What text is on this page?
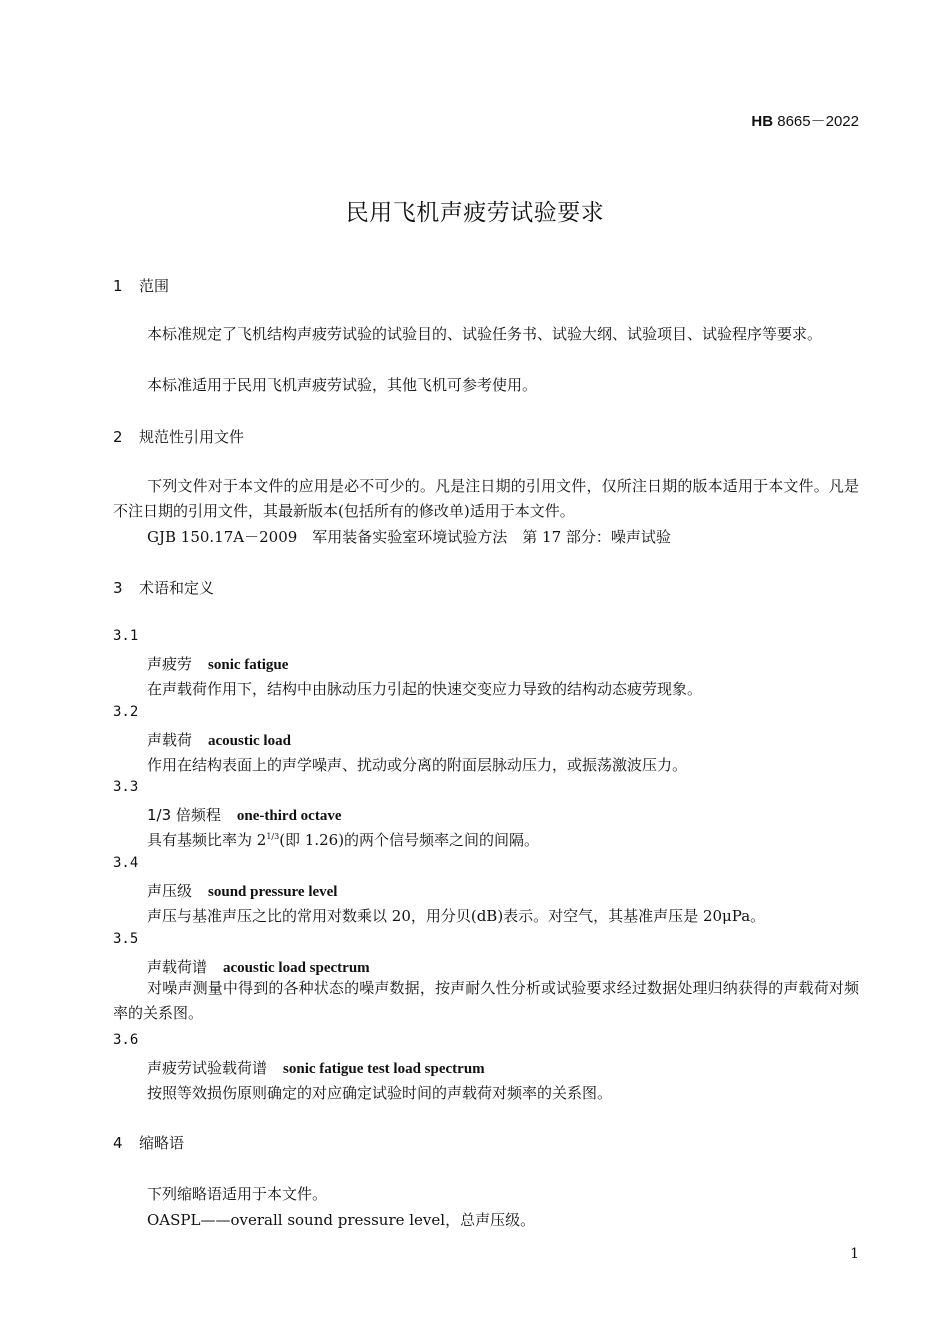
HB 8665－2022
民用飞机声疲劳试验要求
1 范围
本标准规定了飞机结构声疲劳试验的试验目的、试验任务书、试验大纲、试验项目、试验程序等要求。
本标准适用于民用飞机声疲劳试验，其他飞机可参考使用。
2 规范性引用文件
下列文件对于本文件的应用是必不可少的。凡是注日期的引用文件，仅所注日期的版本适用于本文件。凡是不注日期的引用文件，其最新版本(包括所有的修改单)适用于本文件。
GJB 150.17A－2009　军用装备实验室环境试验方法　第 17 部分：噪声试验
3 术语和定义
3.1
声疲劳 sonic fatigue
在声载荷作用下，结构中由脉动压力引起的快速交变应力导致的结构动态疲劳现象。
3.2
声载荷 acoustic load
作用在结构表面上的声学噪声、扰动或分离的附面层脉动压力，或振荡激波压力。
3.3
1/3 倍频程 one-third octave
具有基频比率为 $2^{1/3}$(即 1.26)的两个信号频率之间的间隔。
3.4
声压级 sound pressure level
声压与基准声压之比的常用对数乘以 20，用分贝(dB)表示。对空气，其基准声压是 20μPa。
3.5
声载荷谱 acoustic load spectrum
对噪声测量中得到的各种状态的噪声数据，按声耐久性分析或试验要求经过数据处理归纳获得的声载荷对频率的关系图。
3.6
声疲劳试验载荷谱 sonic fatigue test load spectrum
按照等效损伤原则确定的对应确定试验时间的声载荷对频率的关系图。
4 缩略语
下列缩略语适用于本文件。
OASPL——overall sound pressure level，总声压级。
1
